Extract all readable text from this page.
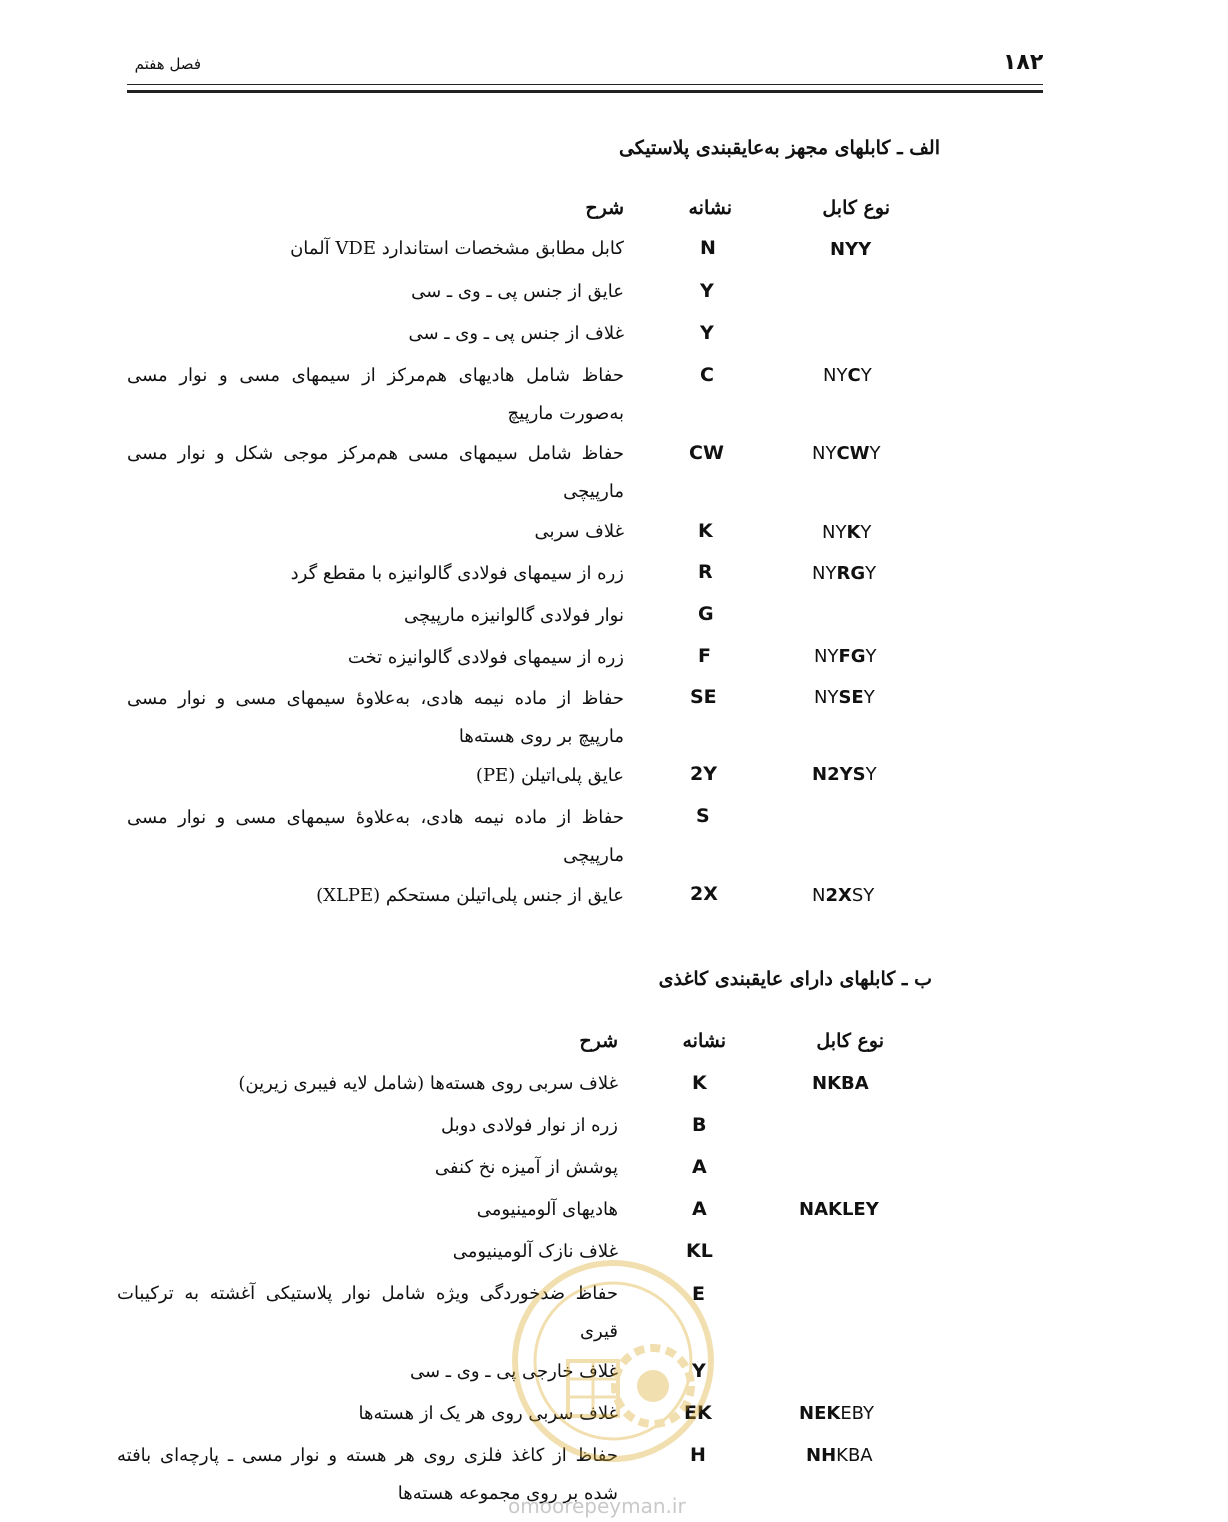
۱۸۲
فصل هفتم
الف ـ کابلهای مجهز به‌عایقبندی پلاستیکی
نوع کابل
نشانه
شرح
NYY
N
کابل مطابق مشخصات استاندارد VDE آلمان
Y
عایق از جنس پی ـ وی ـ سی
Y
غلاف از جنس پی ـ وی ـ سی
NYCY
C
حفاظ شامل هادیهای هم‌مرکز از سیمهای مسی و نوار مسی به‌صورت مارپیچ
NYCWY
CW
حفاظ شامل سیمهای مسی هم‌مرکز موجی شکل و نوار مسی مارپیچی
NYKY
K
غلاف سربی
NYRGY
R
زره از سیمهای فولادی گالوانیزه با مقطع گرد
G
نوار فولادی گالوانیزه مارپیچی
NYFGY
F
زره از سیمهای فولادی گالوانیزه تخت
NYSEY
SE
حفاظ از ماده نیمه هادی، به‌علاوهٔ سیمهای مسی و نوار مسی مارپیچ بر روی هسته‌ها
N2YSY
2Y
عایق پلی‌اتیلن (PE)
S
حفاظ از ماده نیمه هادی، به‌علاوهٔ سیمهای مسی و نوار مسی مارپیچی
N2XSY
2X
عایق از جنس پلی‌اتیلن مستحکم (XLPE)
ب ـ کابلهای دارای عایقبندی کاغذی
نوع کابل
نشانه
شرح
NKBA
K
غلاف سربی روی هسته‌ها (شامل لایه فیبری زیرین)
B
زره از نوار فولادی دوبل
A
پوشش از آمیزه نخ کنفی
NAKLEY
A
هادیهای آلومینیومی
KL
غلاف نازک آلومینیومی
E
حفاظ ضدخوردگی ویژه شامل نوار پلاستیکی آغشته به ترکیبات قیری
Y
غلاف خارجی پی ـ وی ـ سی
NEKEBY
EK
غلاف سربی روی هر یک از هسته‌ها
NHKBA
H
حفاظ از کاغذ فلزی روی هر هسته و نوار مسی ـ پارچه‌ای بافته شده بر روی مجموعه هسته‌ها
omoorepeyman.ir
